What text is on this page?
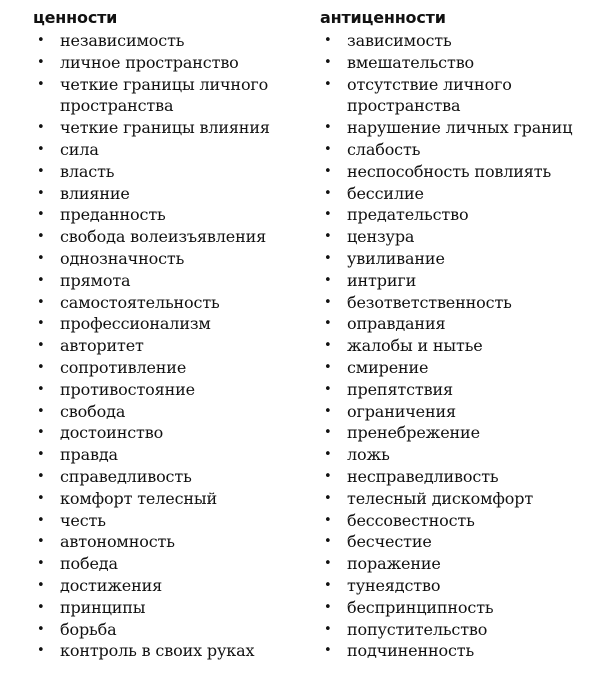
ценности
• независимость
• личное пространство
• четкие границы личного пространства
• четкие границы влияния
• сила
• власть
• влияние
• преданность
• свобода волеизъявления
• однозначность
• прямота
• самостоятельность
• профессионализм
• авторитет
• сопротивление
• противостояние
• свобода
• достоинство
• правда
• справедливость
• комфорт телесный
• честь
• автономность
• победа
• достижения
• принципы
• борьба
• контроль в своих руках
антиценности
• зависимость
• вмешательство
• отсутствие личного пространства
• нарушение личных границ
• слабость
• неспособность повлиять
• бессилие
• предательство
• цензура
• увиливание
• интриги
• безответственность
• оправдания
• жалобы и нытье
• смирение
• препятствия
• ограничения
• пренебрежение
• ложь
• несправедливость
• телесный дискомфорт
• бессовестность
• бесчестие
• поражение
• тунеядство
• беспринципность
• попустительство
• подчиненность
